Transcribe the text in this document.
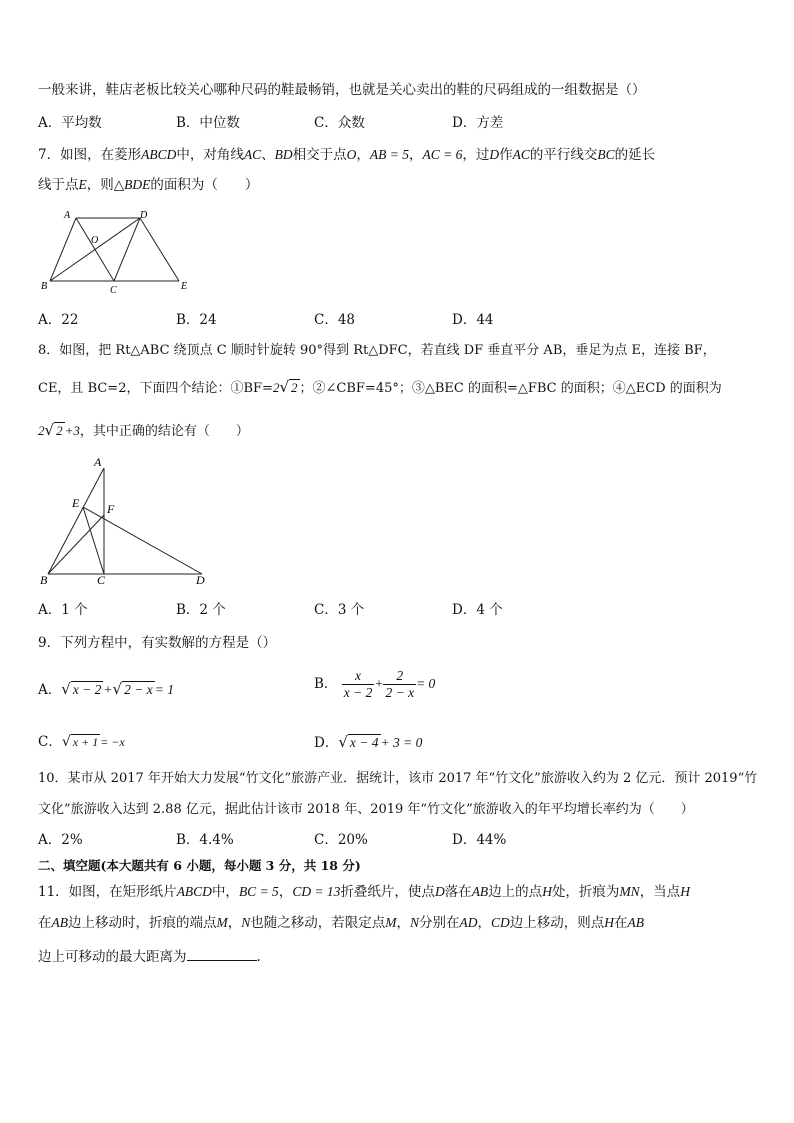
一般来讲，鞋店老板比较关心哪种尺码的鞋最畅销，也就是关心卖出的鞋的尺码组成的一组数据是（）
A．平均数	B．中位数	C．众数	D．方差
7．如图，在菱形ABCD中，对角线AC、BD相交于点O，AB = 5，AC = 6，过D作AC的平行线交BC的延长
线于点E，则△BDE的面积为（　　）
A	D
O
B	C	E
A．22	B．24	C．48	D．44
8．如图，把 Rt△ABC 绕顶点 C 顺时针旋转 90°得到 Rt△DFC，若直线 DF 垂直平分 AB，垂足为点 E，连接 BF，
CE，且 BC=2，下面四个结论：①BF=2√ 2 ；②∠CBF=45°；③△BEC 的面积=△FBC 的面积；④△ECD 的面积为
2√ 2 +3，其中正确的结论有（　　）
A
E F
B	C	D
A．1 个	B．2 个	C．3 个	D．4 个
9．下列方程中，有实数解的方程是（）
A．√ x − 2 +√ 2 − x = 1	B． $\frac{x}{x - 2} + \frac{2}{2 - x} = 0$
C．√ x + 1 = −x	D．√ x − 4 + 3 = 0
10．某市从 2017 年开始大力发展“竹文化”旅游产业．据统计，该市 2017 年“竹文化”旅游收入约为 2 亿元．预计 2019“竹
文化”旅游收入达到 2.88 亿元，据此估计该市 2018 年、2019 年“竹文化”旅游收入的年平均增长率约为（　　）
A．2%	B．4.4%	C．20%	D．44%
二、填空题(本大题共有 6 小题，每小题 3 分，共 18 分)
11．如图，在矩形纸片ABCD中，BC = 5，CD = 13折叠纸片，使点D落在AB边上的点H处，折痕为MN，当点H
在AB边上移动时，折痕的端点M，N也随之移动，若限定点M，N分别在AD，CD边上移动，则点H在AB
边上可移动的最大距离为	.
